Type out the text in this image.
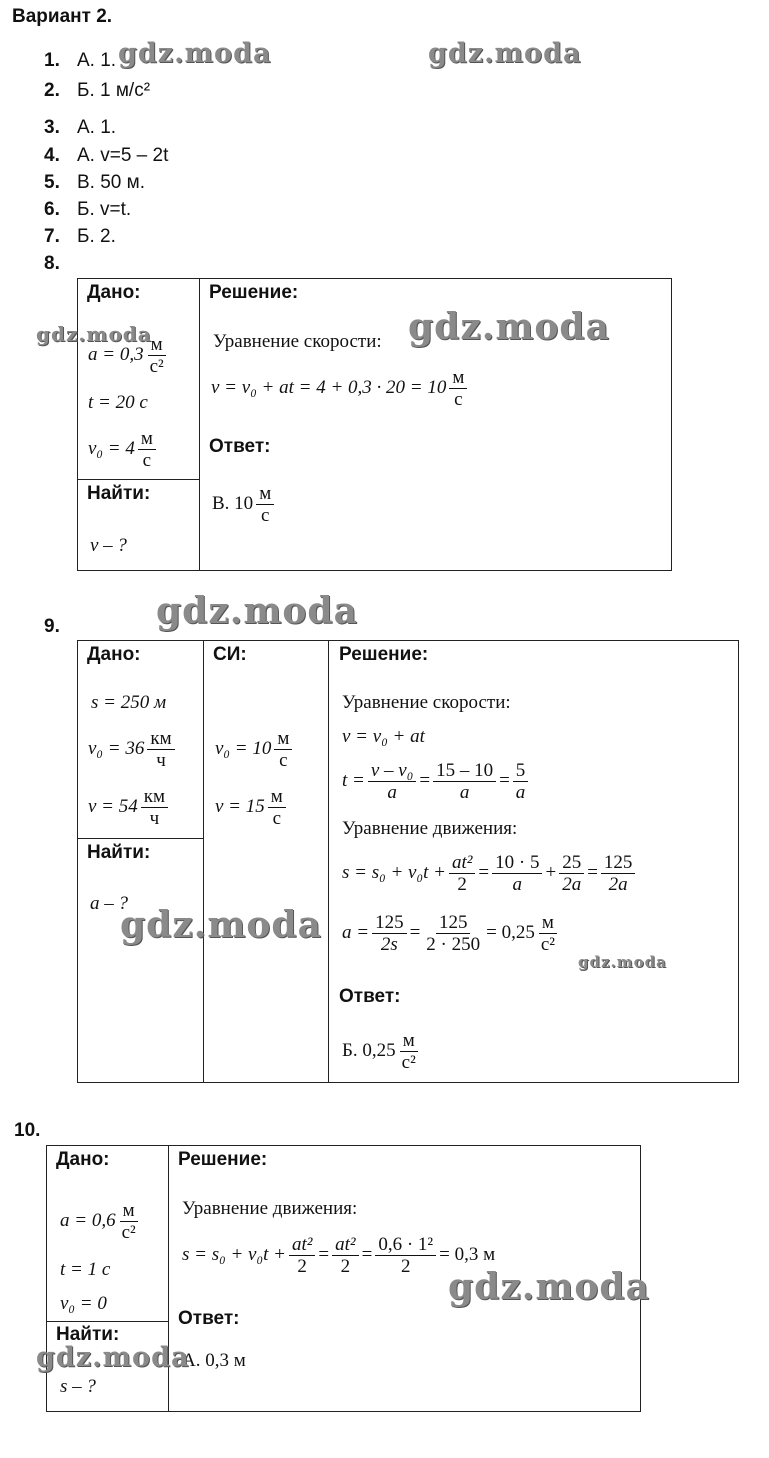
Вариант 2.
1. А. 1.
2. Б. 1 м/с²
3. А. 1.
4. А. v=5 – 2t
5. В. 50 м.
6. Б. v=t.
7. Б. 2.
8.
Дано:
a = 0,3 м
с²
t = 20 с
v₀ = 4 м
с
Найти:
v – ?
Решение:
Уравнение скорости:
v = v₀ + at = 4 + 0,3 · 20 = 10 м
с
Ответ:
В. 10 м
с
9.
Дано:
s = 250 м
v₀ = 36 км
ч
v = 54 км
ч
Найти:
a – ?
СИ:
v₀ = 10 м
с
v = 15 м
с
Решение:
Уравнение скорости:
v = v₀ + at
$t = \frac{\text{v – v₀}}{a} = \frac{15 - 10}{a} = \frac{5}{a}$
Уравнение движения:
$s = s_0 + v_0t + \frac{\text{at²}}{2} = \frac{10 \cdot 5}{a} + \frac{25}{2a} = \frac{125}{2a}$
$a = \frac{125}{2s} = \frac{125}{2 \cdot 250} = 0,25$ м
с²
Ответ:
Б. 0,25 м
с²
10.
Дано:
a = 0,6 м
с²
t = 1 с
v₀ = 0
Найти:
s – ?
Решение:
Уравнение движения:
$s = s_0 + v_0t + \frac{\text{at²}}{2} = \frac{\text{at²}}{2} = \frac{\text{0,6 · 1²}}{2} = 0,3$ м
Ответ:
А. 0,3 м
gdz.moda	gdz.moda
gdz.moda	gdz.moda
gdz.moda
gdz.moda
gdz.moda
gdz.moda
gdz.moda
